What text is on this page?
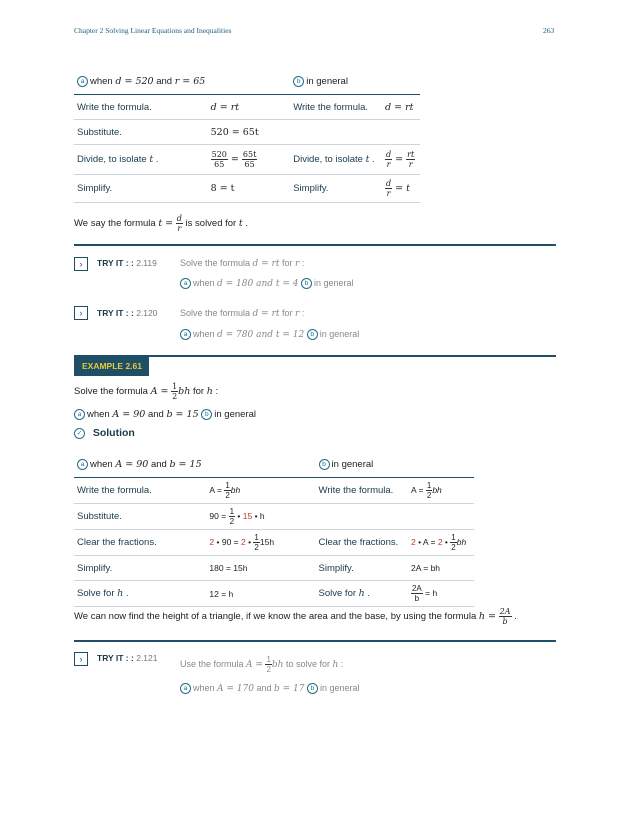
Chapter 2 Solving Linear Equations and Inequalities	263
a when d = 520 and r = 65		b in general	
Write the formula.	d = rt	Write the formula.	d = rt
Substitute.	520 = 65t		
Divide, to isolate t .	$\frac{520}{65} = \frac{65t}{65}$	Divide, to isolate t .	$\frac{d}{r} = \frac{rt}{r}$

Simplify.	8 = t	Simplify.	$\frac{d}{r} = t$
We say the formula $t = \frac{d}{r}$ is solved for t .
›	TRY IT : : 2.119	Solve the formula d = rt for r :
a when d = 180 and t = 4 b in general
›	TRY IT : : 2.120	Solve the formula d = rt for r :
a when d = 780 and t = 12 b in general
EXAMPLE 2.61
Solve the formula $A = \frac{1}{2}$ bh for h :
a when A = 90 and b = 15 b in general
✓ Solution
a when A = 90 and b = 15		b in general	
Write the formula.	$A = \frac{1}{2}$ bh	Write the formula.	$A = \frac{1}{2}$ bh
Substitute.	$90 = \frac{1}{2}$ • 15 • h		
Clear the fractions.	2 • 90 = 2 • $\frac{1}{2} 15h$	Clear the fractions.	2 • A = 2 • $\frac{1}{2}$ bh
Simplify.	180 = 15h	Simplify.	2A = bh
Solve for h .	12 = h	Solve for h .	$\frac{2A}{b} = h$
We can now find the height of a triangle, if we know the area and the base, by using the formula $h = \frac{2A}{b}$ .
›	TRY IT : : 2.121
Use the formula $A = \frac{1}{2}$ bh to solve for h :
a when A = 170 and b = 17 b in general
